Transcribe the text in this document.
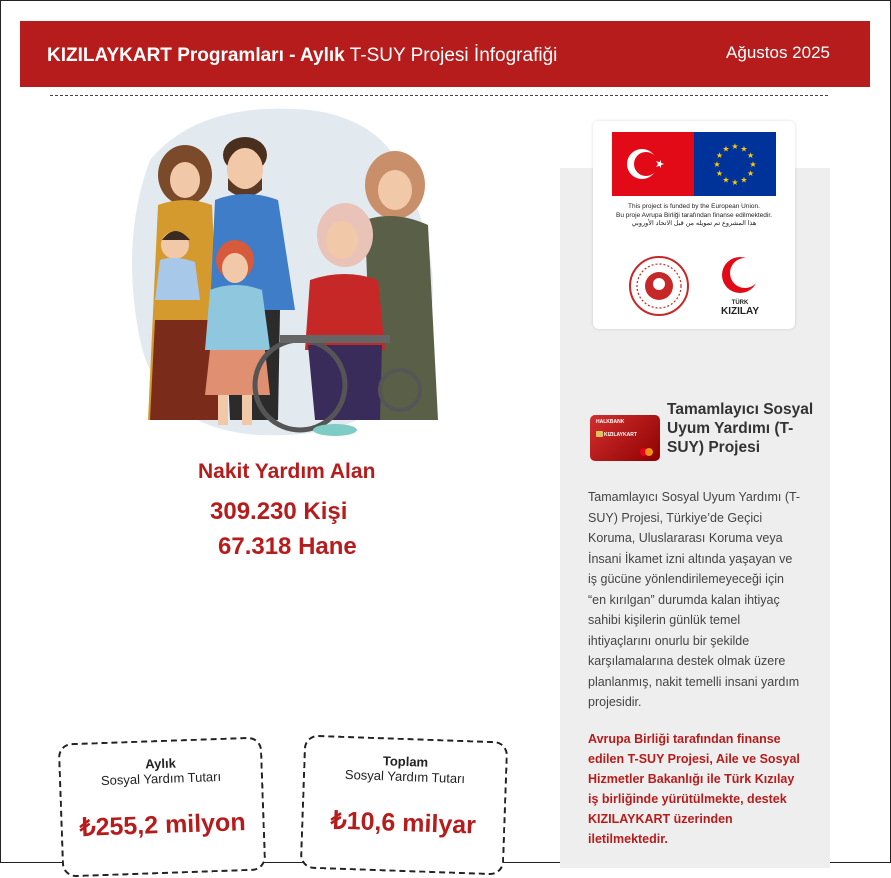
KIZILAYKART Programları - Aylık T-SUY Projesi İnfografiği	Ağustos 2025
Nakit Yardım Alan
309.230 Kişi
67.318 Hane
Aylık
Sosyal Yardım Tutarı
₺255,2 milyon
Toplam
Sosyal Yardım Tutarı
₺10,6 milyar
★
★
★
★
★
★
★
★
★ ★ ★
★
This project is funded by the European Union.
Bu proje Avrupa Birliği tarafından finanse edilmektedir.
هذا المشروع تم تمويله من قبل الاتحاد الأوروبي
TÜRK
KIZILAY
HALKBANK
KIZILAYKART
Tamamlayıcı Sosyal Uyum Yardımı (T-SUY) Projesi
Tamamlayıcı Sosyal Uyum Yardımı (T-SUY) Projesi, Türkiye’de Geçici Koruma, Uluslararası Koruma veya İnsani İkamet izni altında yaşayan ve iş gücüne yönlendirilemeyeceği için “en kırılgan” durumda kalan ihtiyaç sahibi kişilerin günlük temel ihtiyaçlarını onurlu bir şekilde karşılamalarına destek olmak üzere planlanmış, nakit temelli insani yardım projesidir.
Avrupa Birliği tarafından finanse edilen T-SUY Projesi, Aile ve Sosyal Hizmetler Bakanlığı ile Türk Kızılay iş birliğinde yürütülmekte, destek KIZILAYKART üzerinden iletilmektedir.
